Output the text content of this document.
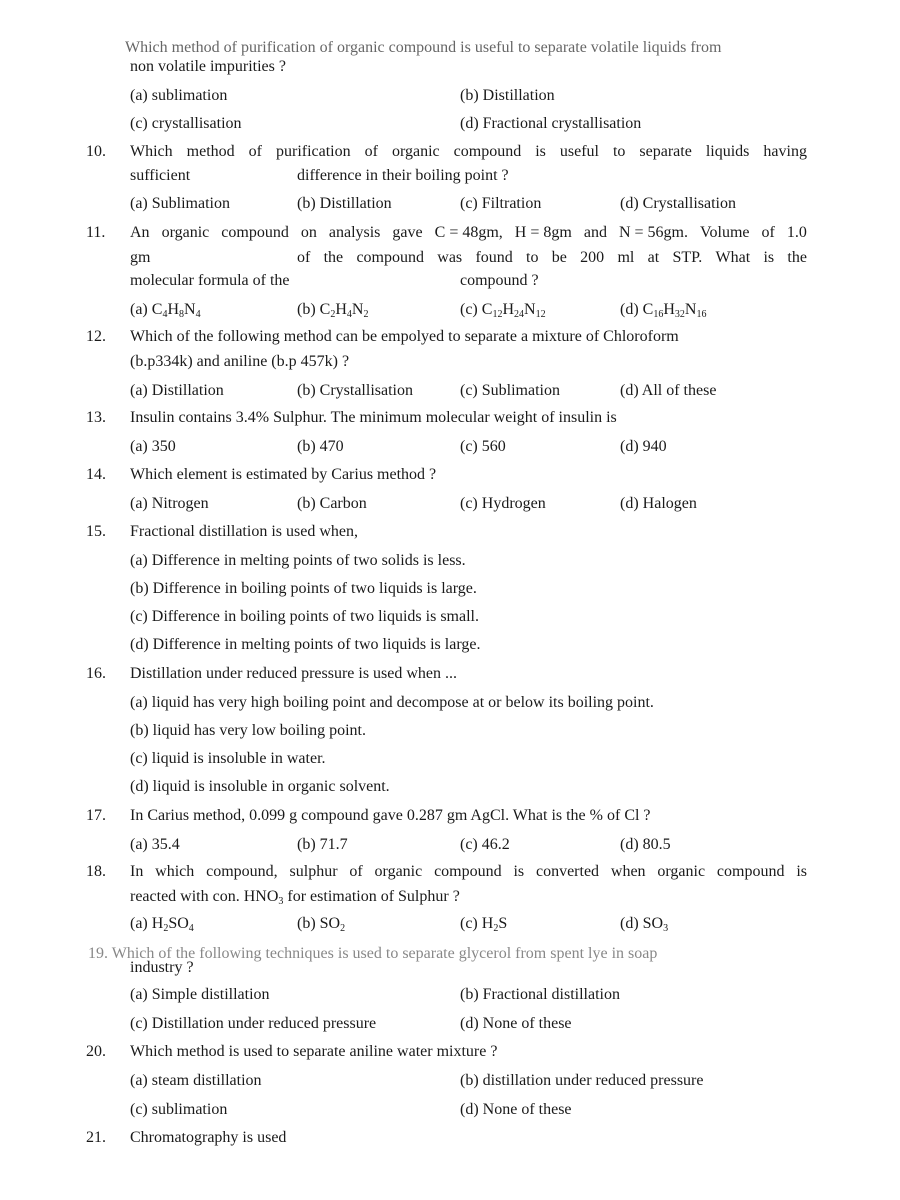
Which method of purification of organic compound is useful to separate volatile liquids from
non volatile impurities ?
(a) sublimation	(b) Distillation
(c) crystallisation	(d) Fractional crystallisation
10. Which method of purification of organic compound is useful to separate liquids having
sufficient	difference in their boiling point ?
(a) Sublimation	(b) Distillation	(c) Filtration	(d) Crystallisation
11. An organic compound on analysis gave C = 48gm, H = 8gm and N = 56gm. Volume of 1.0
gm	of the compound was found to be 200 ml at STP. What is the
molecular formula of the	compound ?
(a) $C_4H_8N_4$	(b) $C_2H_4N_2$	(c) $C_{12}H_{24}N_{12}$	(d) $C_{16}H_{32}N_{16}$
12. Which of the following method can be empolyed to separate a mixture of Chloroform
(b.p334k) and aniline (b.p 457k) ?
(a) Distillation	(b) Crystallisation	(c) Sublimation	(d) All of these
13. Insulin contains 3.4% Sulphur. The minimum molecular weight of insulin is
(a) 350	(b) 470	(c) 560	(d) 940
14. Which element is estimated by Carius method ?
(a) Nitrogen	(b) Carbon	(c) Hydrogen	(d) Halogen
15. Fractional distillation is used when,
(a) Difference in melting points of two solids is less.
(b) Difference in boiling points of two liquids is large.
(c) Difference in boiling points of two liquids is small.
(d) Difference in melting points of two liquids is large.
16. Distillation under reduced pressure is used when ...
(a) liquid has very high boiling point and decompose at or below its boiling point.
(b) liquid has very low boiling point.
(c) liquid is insoluble in water.
(d) liquid is insoluble in organic solvent.
17. In Carius method, 0.099 g compound gave 0.287 gm AgCl. What is the % of Cl ?
(a) 35.4	(b) 71.7	(c) 46.2	(d) 80.5
18. In which compound, sulphur of organic compound is converted when organic compound is
reacted with con. $HNO_3$ for estimation of Sulphur ?
(a) $H_2SO_4$	(b) $SO_2$	(c) $H_2S$	(d) $SO_3$
19. Which of the following techniques is used to separate glycerol from spent lye in soap
industry ?
(a) Simple distillation	(b) Fractional distillation
(c) Distillation under reduced pressure	(d) None of these
20. Which method is used to separate aniline water mixture ?
(a) steam distillation	(b) distillation under reduced pressure
(c) sublimation	(d) None of these
21. Chromatography is used
